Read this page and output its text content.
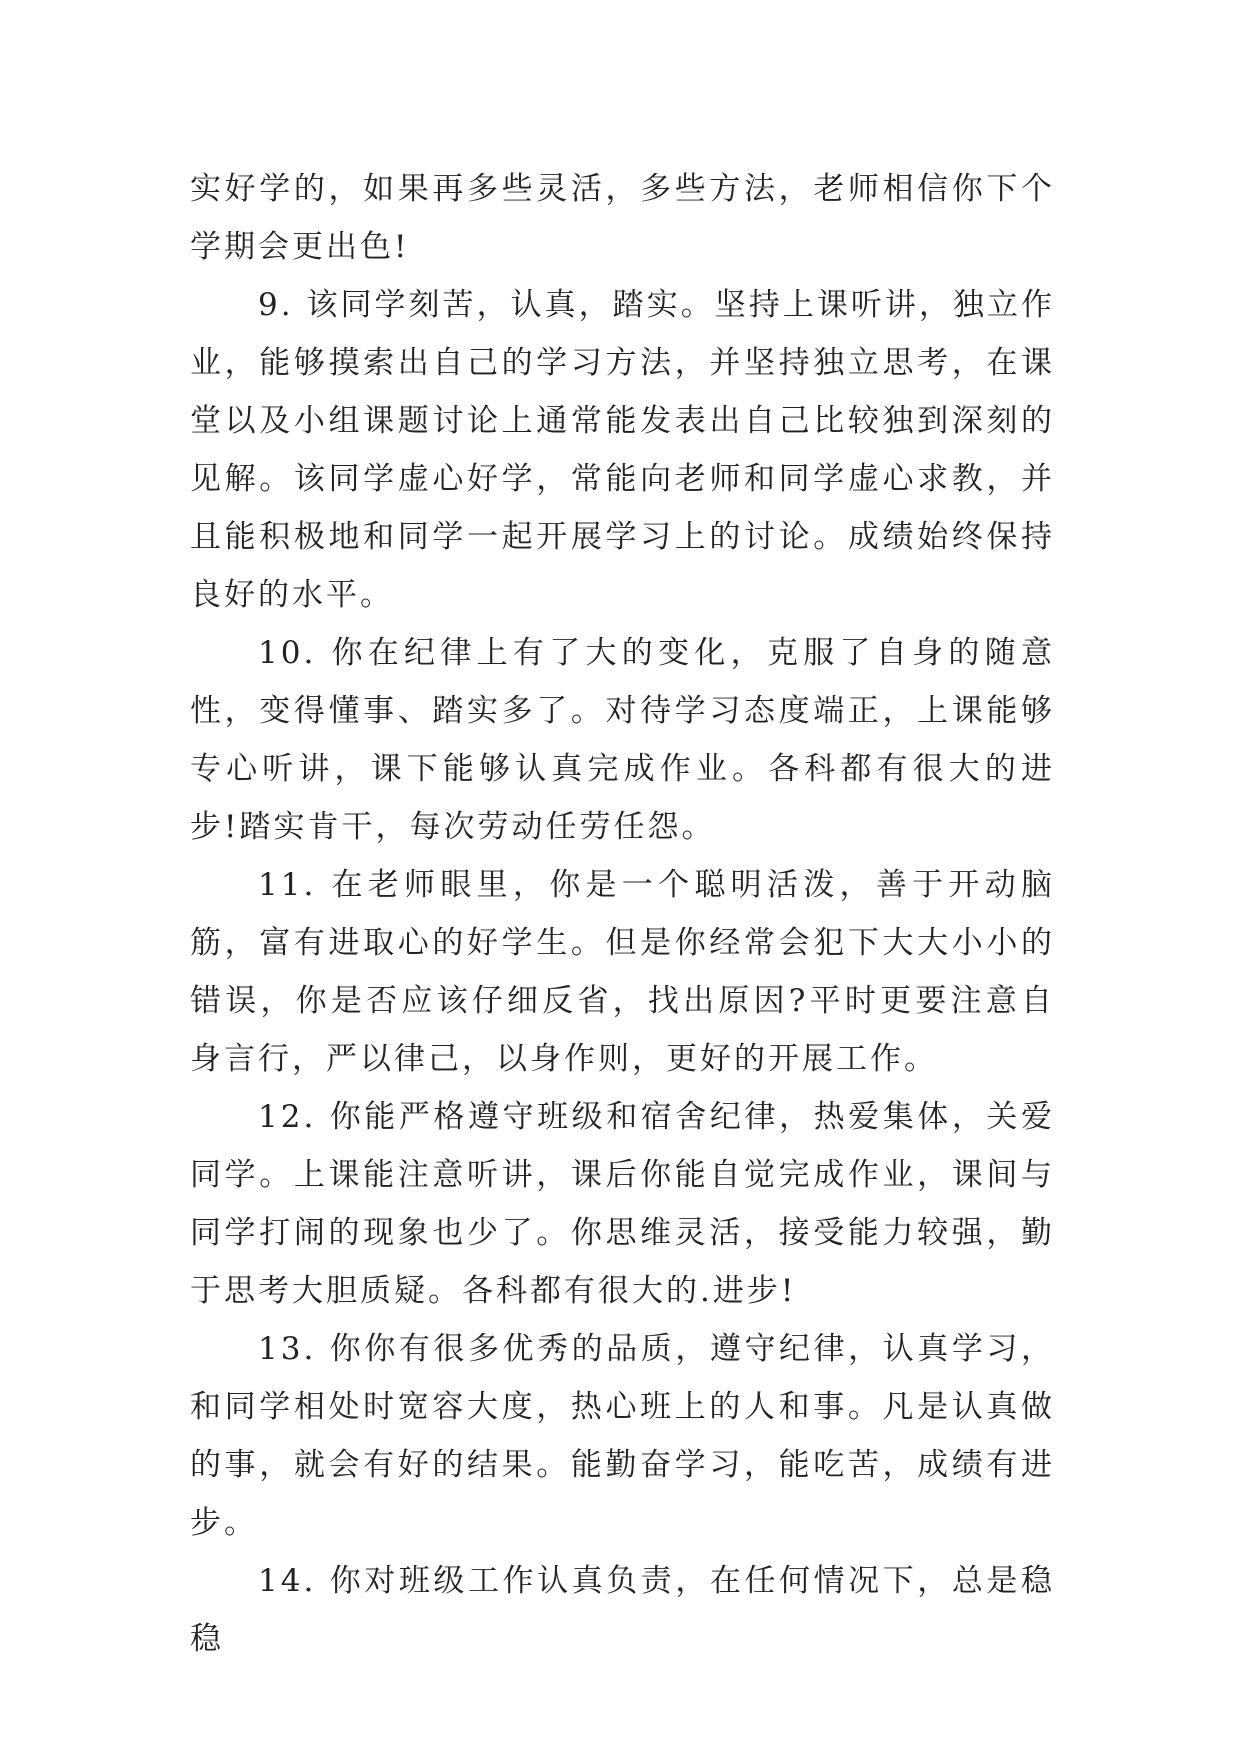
实好学的，如果再多些灵活，多些方法，老师相信你下个学期会更出色!

9. 该同学刻苦，认真，踏实。坚持上课听讲，独立作业，能够摸索出自己的学习方法，并坚持独立思考，在课堂以及小组课题讨论上通常能发表出自己比较独到深刻的见解。该同学虚心好学，常能向老师和同学虚心求教，并且能积极地和同学一起开展学习上的讨论。成绩始终保持良好的水平。

10. 你在纪律上有了大的变化，克服了自身的随意性，变得懂事、踏实多了。对待学习态度端正，上课能够专心听讲，课下能够认真完成作业。各科都有很大的进步!踏实肯干，每次劳动任劳任怨。

11. 在老师眼里，你是一个聪明活泼，善于开动脑筋，富有进取心的好学生。但是你经常会犯下大大小小的错误，你是否应该仔细反省，找出原因?平时更要注意自身言行，严以律己，以身作则，更好的开展工作。

12. 你能严格遵守班级和宿舍纪律，热爱集体，关爱同学。上课能注意听讲，课后你能自觉完成作业，课间与同学打闹的现象也少了。你思维灵活，接受能力较强，勤于思考大胆质疑。各科都有很大的.进步!

13. 你你有很多优秀的品质，遵守纪律，认真学习，和同学相处时宽容大度，热心班上的人和事。凡是认真做的事，就会有好的结果。能勤奋学习，能吃苦，成绩有进步。

14. 你对班级工作认真负责，在任何情况下，总是稳稳
